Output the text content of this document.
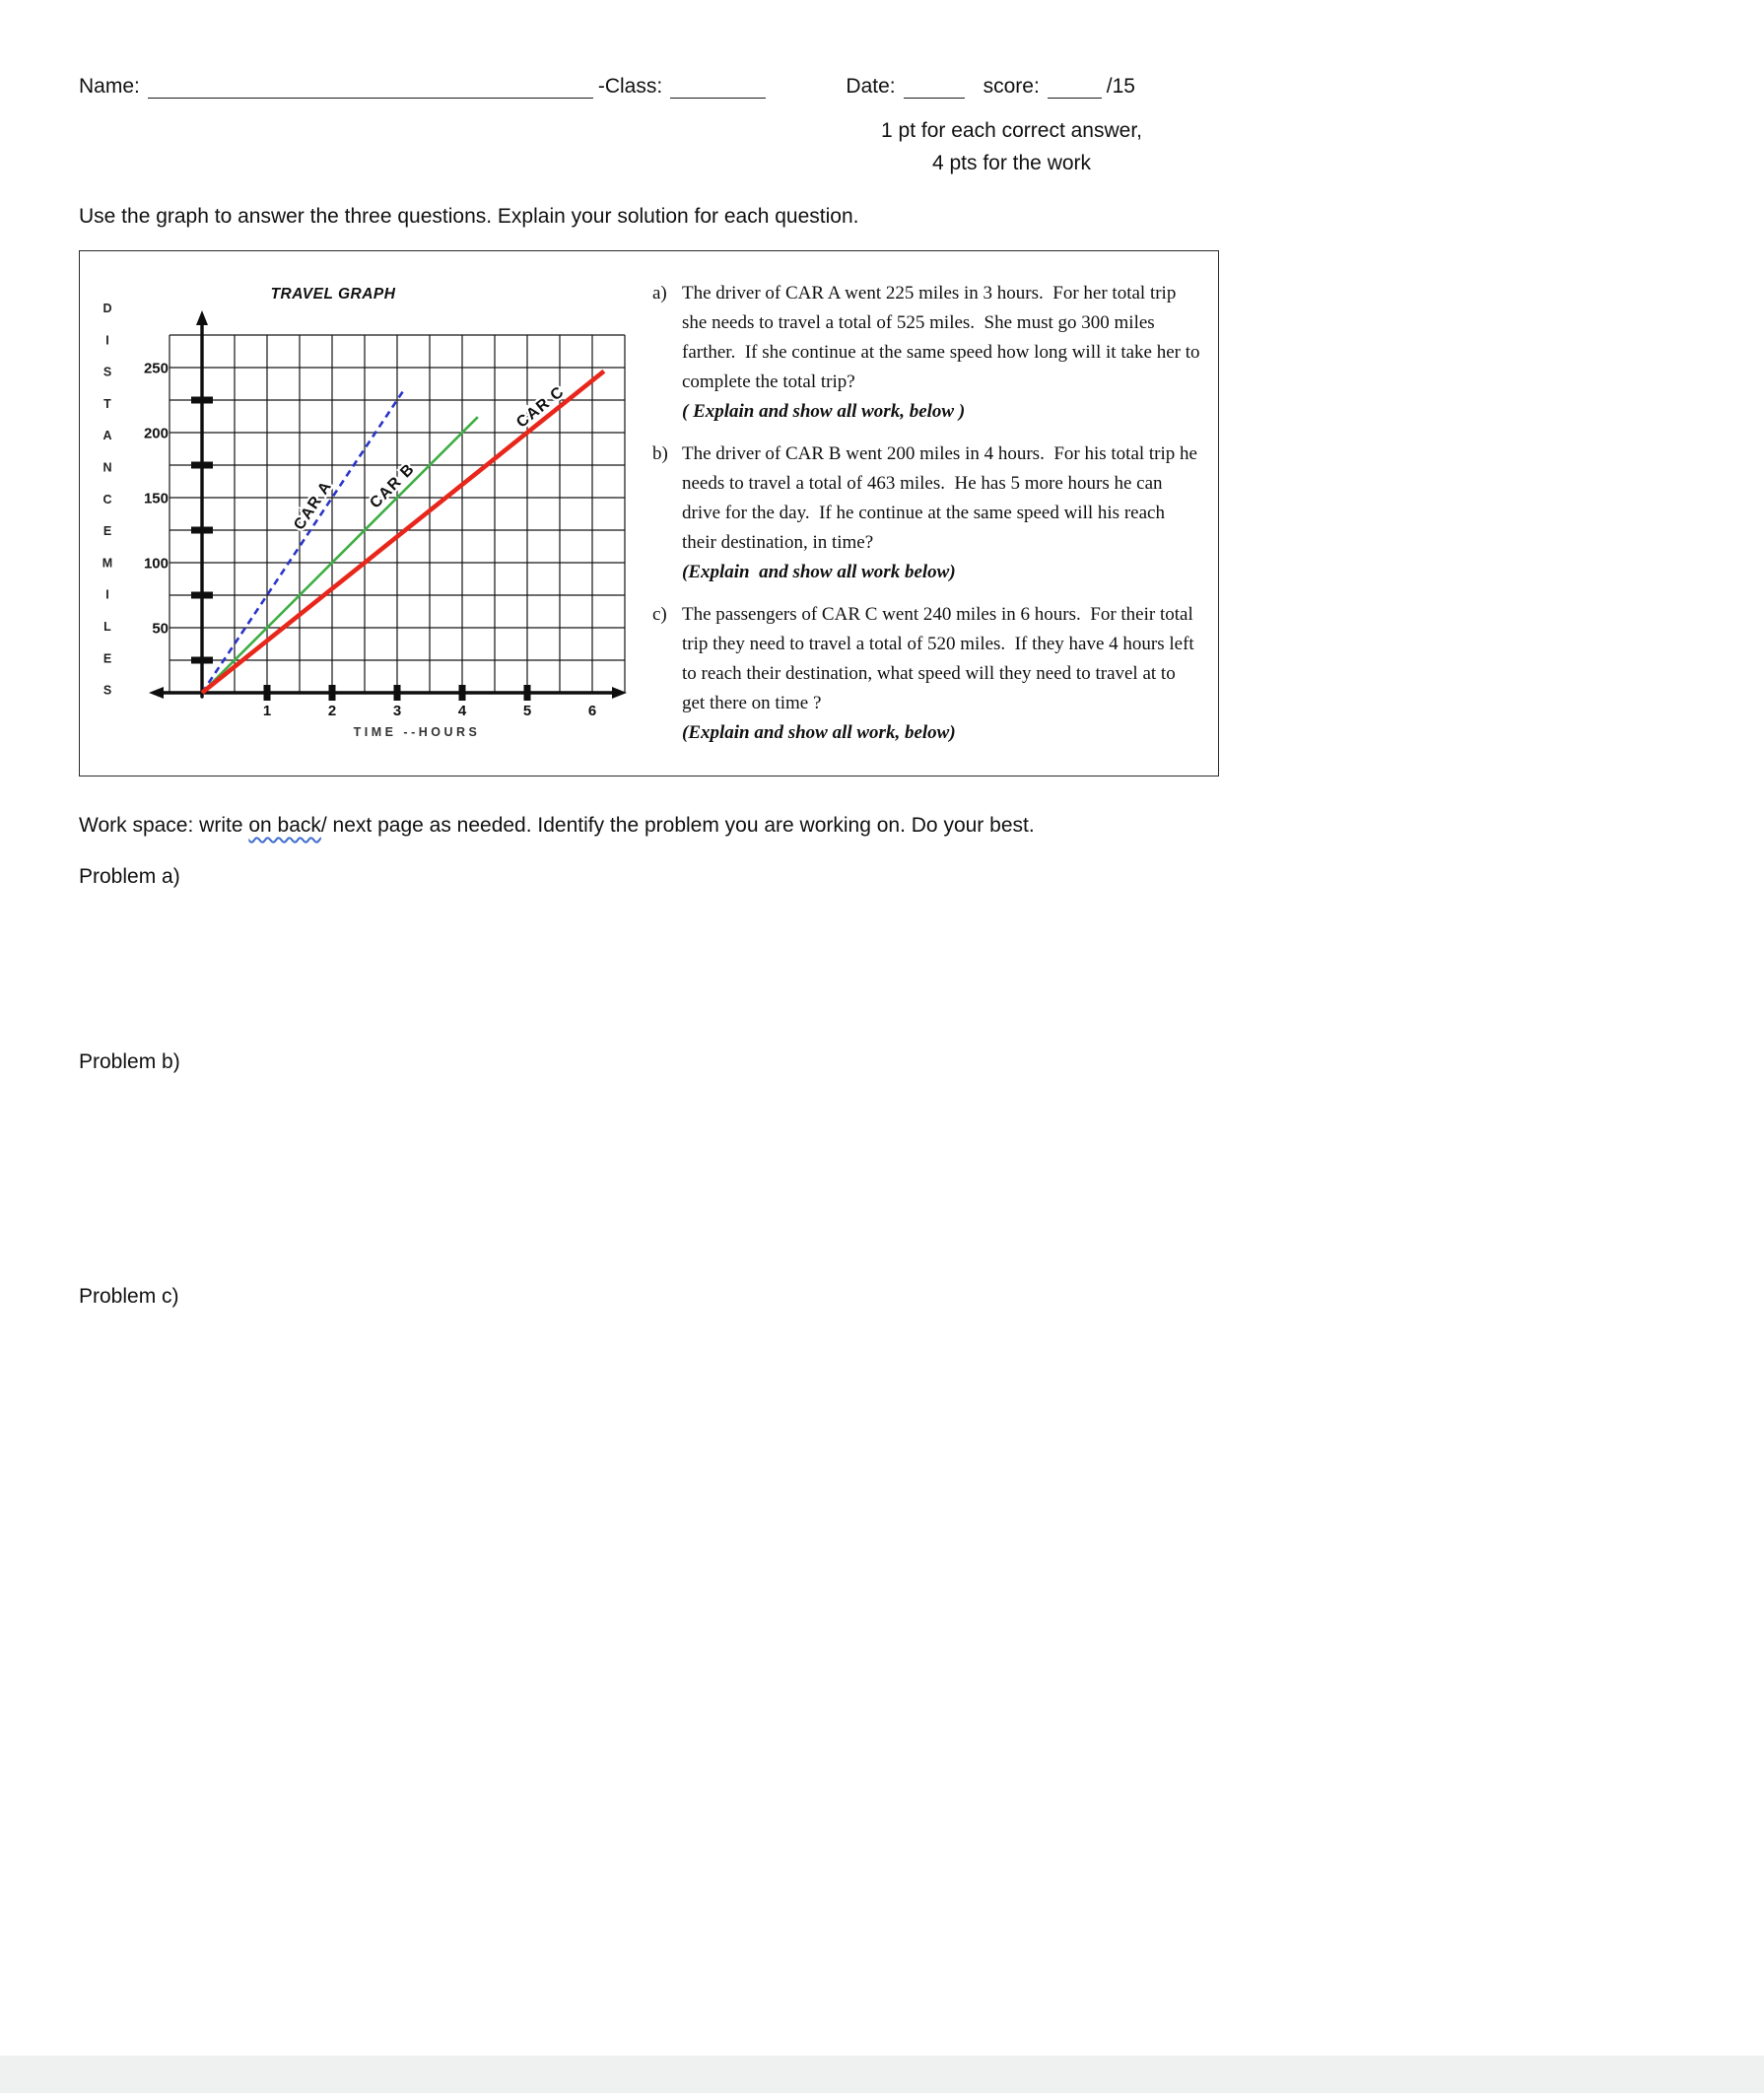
Name:	-Class:	Date:	score:	/15
1 pt for each correct answer,
4 pts for the work
Use the graph to answer the three questions. Explain your solution for each question.
D
I
S
T
A
N
C
E
M
I
L
E
S
250
200
150
100
50
1	2	3	4	5	6
CAR A CAR B
CAR C
TRAVEL GRAPH
TIME --HOURS
a) The driver of CAR A went 225 miles in 3 hours.  For her total trip she needs to travel a total of 525 miles.  She must go 300 miles farther.  If she continue at the same speed how long will it take her to complete the total trip?
( Explain and show all work, below )
b) The driver of CAR B went 200 miles in 4 hours.  For his total trip he needs to travel a total of 463 miles.  He has 5 more hours he can drive for the day.  If he continue at the same speed will his reach their destination, in time?
(Explain  and show all work below)
c) The passengers of CAR C went 240 miles in 6 hours.  For their total trip they need to travel a total of 520 miles.  If they have 4 hours left to reach their destination, what speed will they need to travel at to get there on time ?
(Explain and show all work, below)
Work space: write on back/ next page as needed. Identify the problem you are working on. Do your best.
Problem a)
Problem b)
Problem c)
